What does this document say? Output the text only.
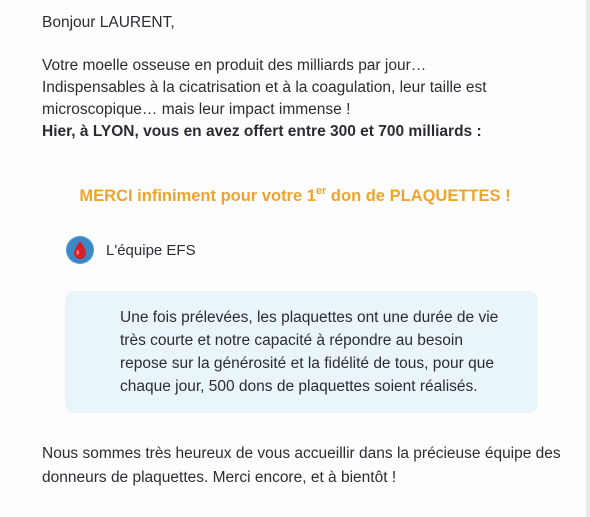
Bonjour LAURENT,
Votre moelle osseuse en produit des milliards par jour…
Indispensables à la cicatrisation et à la coagulation, leur taille est
microscopique… mais leur impact immense !
Hier, à LYON, vous en avez offert entre 300 et 700 milliards :
MERCI infiniment pour votre 1er don de PLAQUETTES !
L'équipe EFS
Une fois prélevées, les plaquettes ont une durée de vie
très courte et notre capacité à répondre au besoin
repose sur la générosité et la fidélité de tous, pour que
chaque jour, 500 dons de plaquettes soient réalisés.
Nous sommes très heureux de vous accueillir dans la précieuse équipe des
donneurs de plaquettes. Merci encore, et à bientôt !
